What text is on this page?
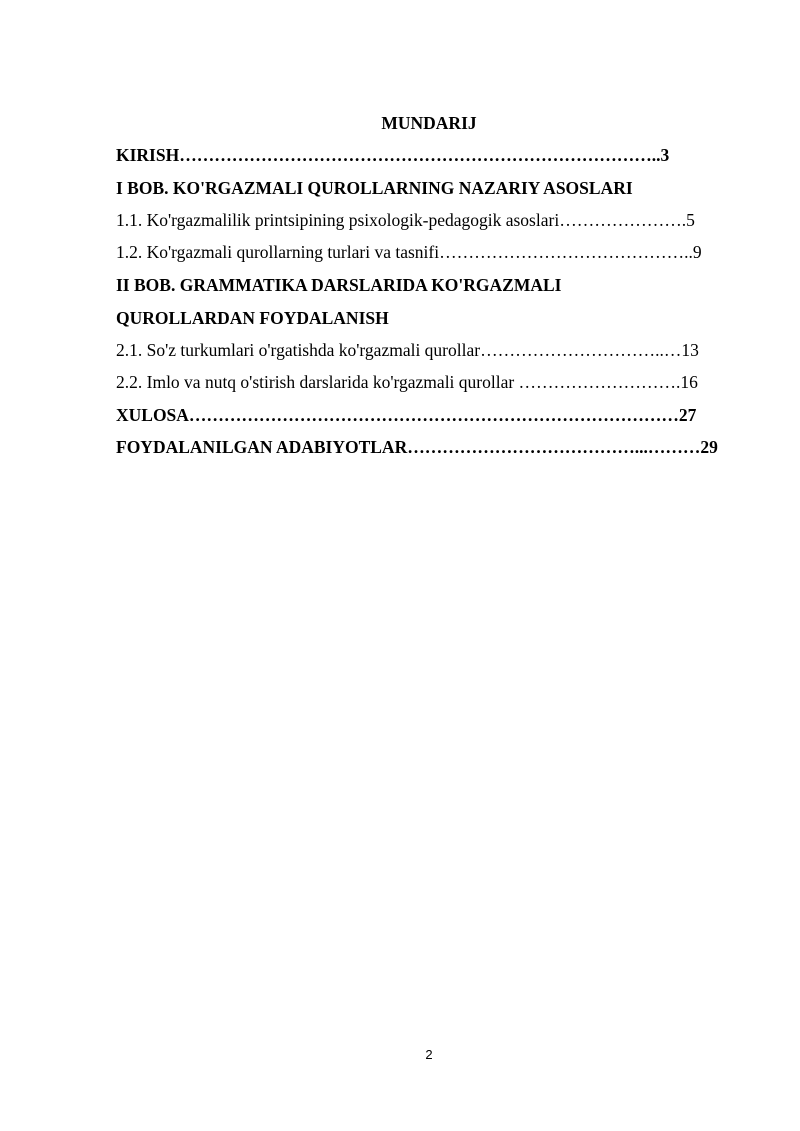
MUNDARIJ
KIRISH………………………………………………………………………..3
I BOB. KO'RGAZMALI QUROLLARNING NAZARIY ASOSLARI
1.1. Ko'rgazmalilik printsipining psixologik-pedagogik asoslari………………….5
1.2. Ko'rgazmali qurollarning turlari va tasnifi……………………………………..9
II BOB. GRAMMATIKA DARSLARIDA KO'RGAZMALI
QUROLLARDAN FOYDALANISH
2.1. So'z turkumlari o'rgatishda ko'rgazmali qurollar…………………………..…13
2.2. Imlo va nutq o'stirish darslarida ko'rgazmali qurollar ……………………….16
XULOSA…………………………………………………………………………27
FOYDALANILGAN ADABIYOTLAR…………………………………...………29
2
